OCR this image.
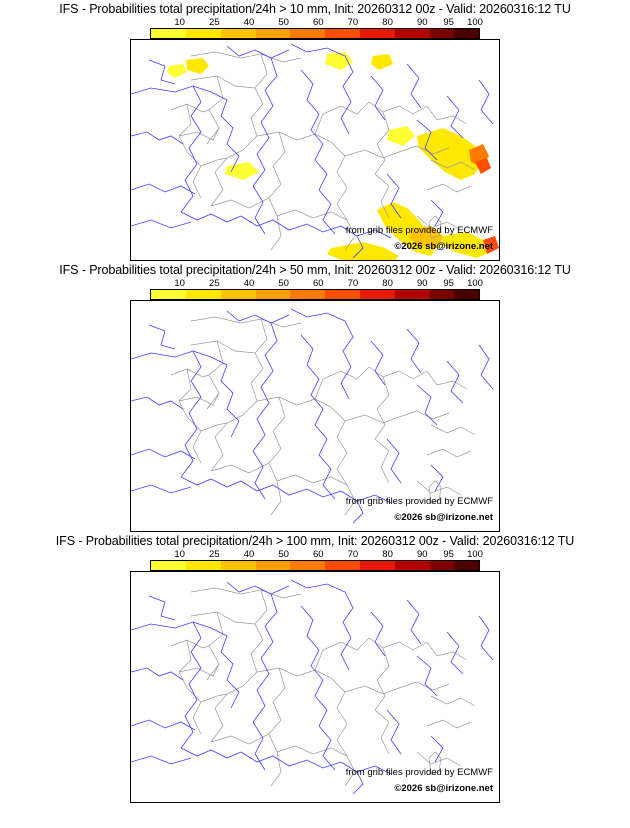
IFS - Probabilities total precipitation/24h > 10 mm, Init: 20260312 00z - Valid: 20260316:12 TU
10	25	40	50	60	70	80	90 95 100
from grib files provided by ECMWF
©2026 sb@irizone.net
IFS - Probabilities total precipitation/24h > 50 mm, Init: 20260312 00z - Valid: 20260316:12 TU
10	25	40	50	60	70	80	90 95 100
from grib files provided by ECMWF
©2026 sb@irizone.net
IFS - Probabilities total precipitation/24h > 100 mm, Init: 20260312 00z - Valid: 20260316:12 TU
10	25	40	50	60	70	80	90 95 100
from grib files provided by ECMWF
©2026 sb@irizone.net
